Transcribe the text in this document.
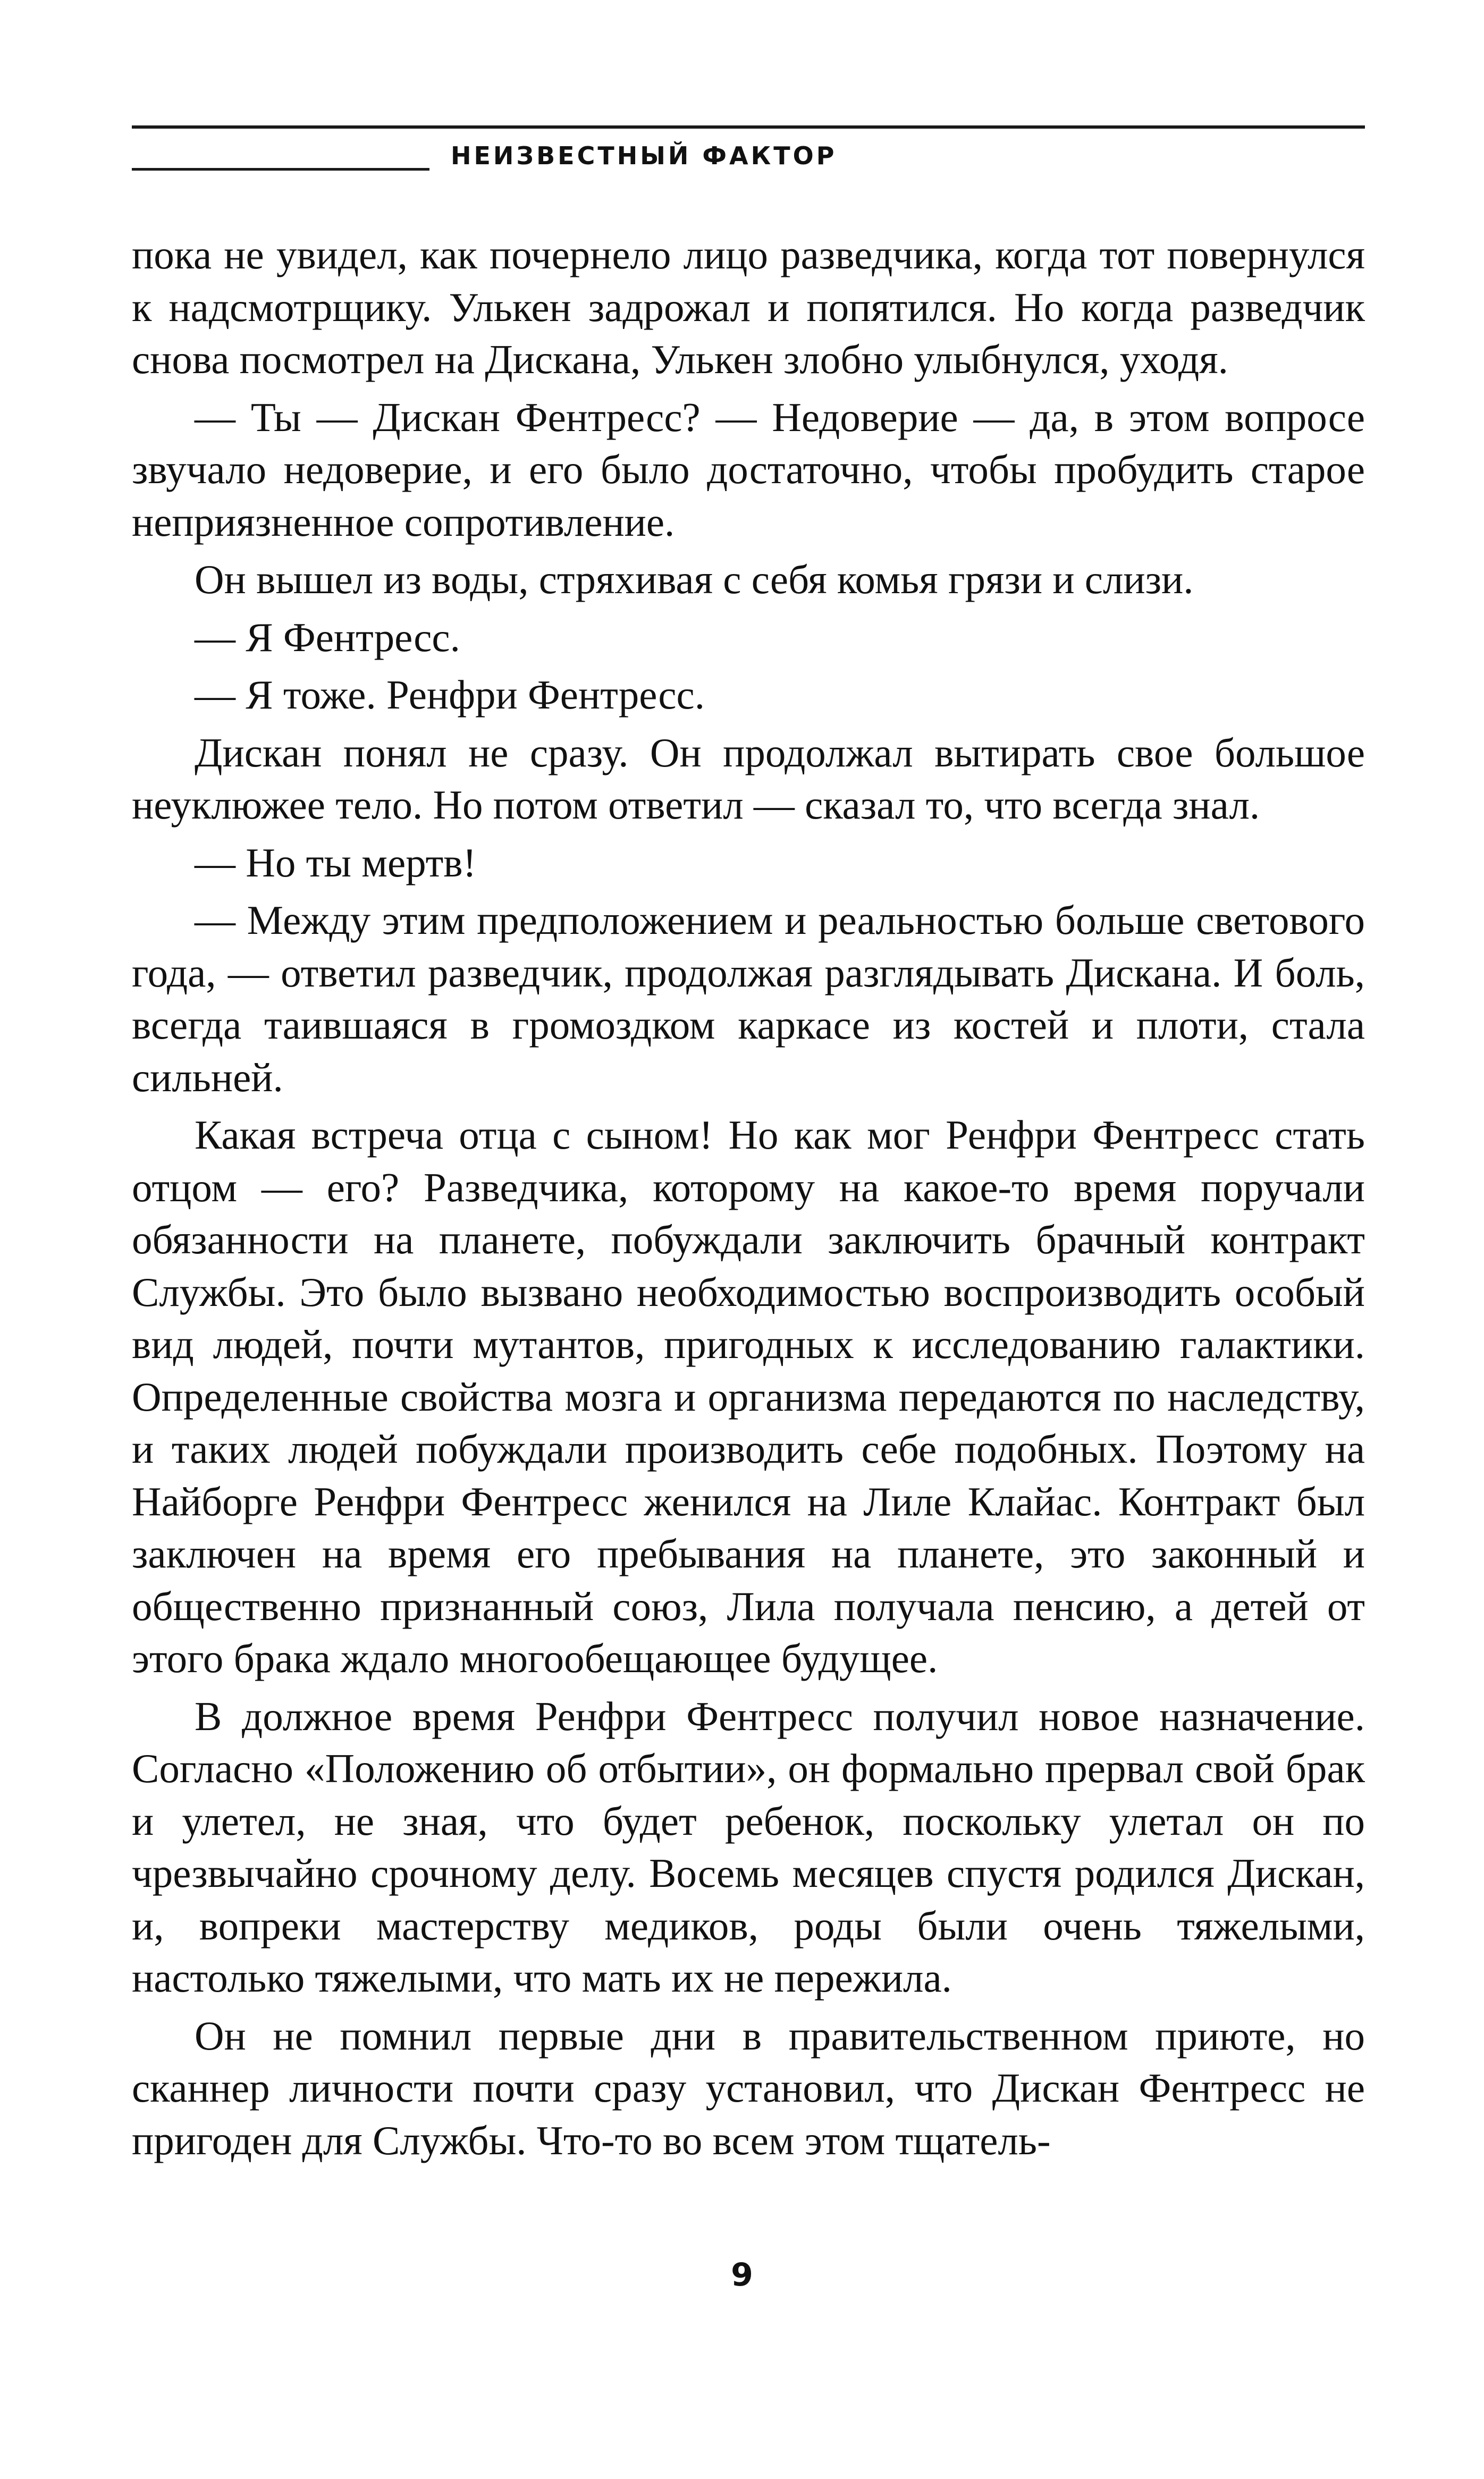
НЕИЗВЕСТНЫЙ ФАКТОР

пока не увидел, как почернело лицо разведчика, когда тот повернулся к надсмотрщику. Улькен задрожал и попятился. Но когда разведчик снова посмотрел на Дискана, Улькен злобно улыбнулся, уходя.

— Ты — Дискан Фентресс? — Недоверие — да, в этом вопросе звучало недоверие, и его было достаточно, чтобы пробудить старое неприязненное сопротивление.

Он вышел из воды, стряхивая с себя комья грязи и слизи.

— Я Фентресс.

— Я тоже. Ренфри Фентресс.

Дискан понял не сразу. Он продолжал вытирать свое большое неуклюжее тело. Но потом ответил — сказал то, что всегда знал.

— Но ты мертв!

— Между этим предположением и реальностью больше светового года, — ответил разведчик, продолжая разглядывать Дискана. И боль, всегда таившаяся в громоздком каркасе из костей и плоти, стала сильней.

Какая встреча отца с сыном! Но как мог Ренфри Фентресс стать отцом — его? Разведчика, которому на какое-то время поручали обязанности на планете, побуждали заключить брачный контракт Службы. Это было вызвано необходимостью воспроизводить особый вид людей, почти мутантов, пригодных к исследованию галактики. Определенные свойства мозга и организма передаются по наследству, и таких людей побуждали производить себе подобных. Поэтому на Найборге Ренфри Фентресс женился на Лиле Клайас. Контракт был заключен на время его пребывания на планете, это законный и общественно признанный союз, Лила получала пенсию, а детей от этого брака ждало многообещающее будущее.

В должное время Ренфри Фентресс получил новое назначение. Согласно «Положению об отбытии», он формально прервал свой брак и улетел, не зная, что будет ребенок, поскольку улетал он по чрезвычайно срочному делу. Восемь месяцев спустя родился Дискан, и, вопреки мастерству медиков, роды были очень тяжелыми, настолько тяжелыми, что мать их не пережила.

Он не помнил первые дни в правительственном приюте, но сканнер личности почти сразу установил, что Дискан Фентресс не пригоден для Службы. Что-то во всем этом тщатель-

9
